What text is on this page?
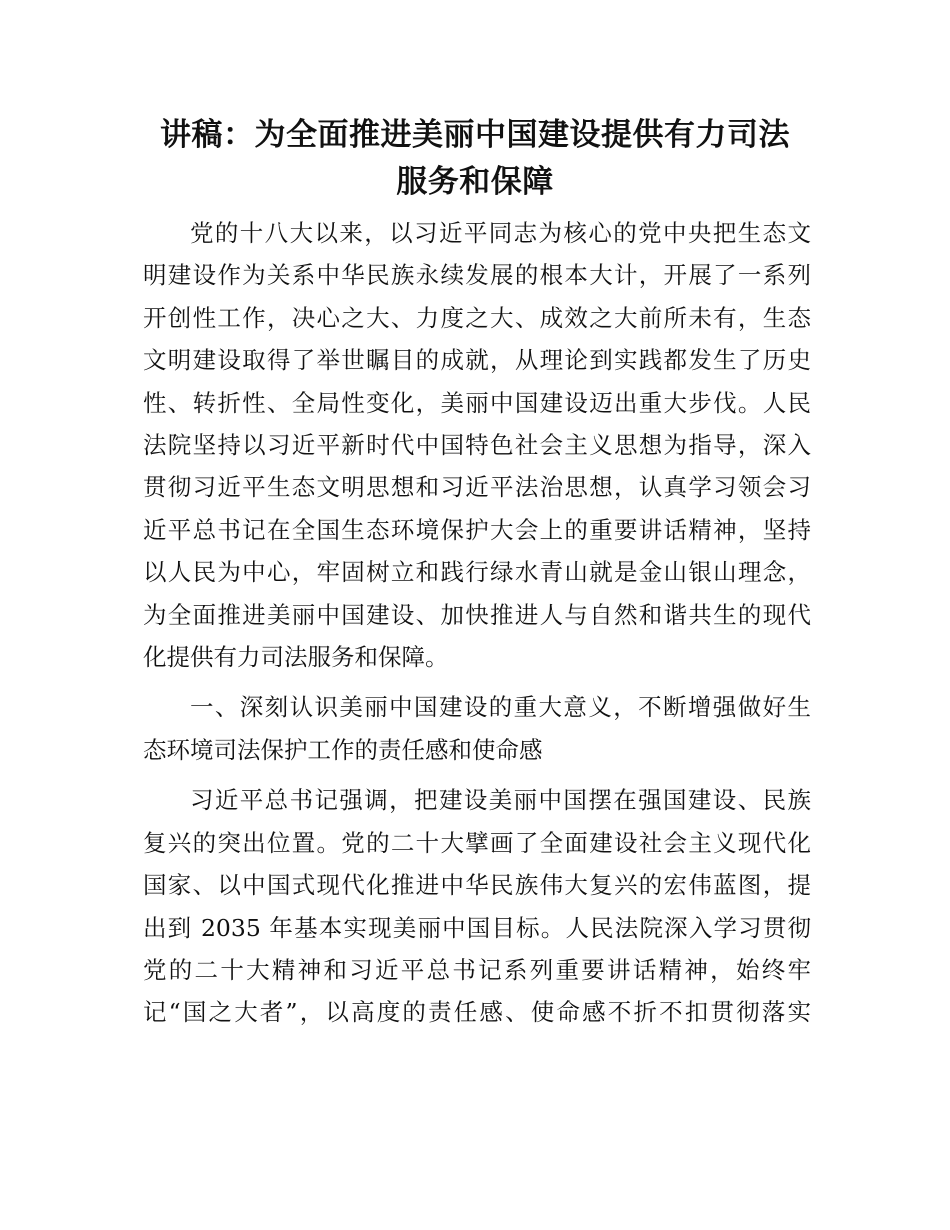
讲稿：为全面推进美丽中国建设提供有力司法
服务和保障
党的十八大以来，以习近平同志为核心的党中央把生态文
明建设作为关系中华民族永续发展的根本大计，开展了一系列
开创性工作，决心之大、力度之大、成效之大前所未有，生态
文明建设取得了举世瞩目的成就，从理论到实践都发生了历史
性、转折性、全局性变化，美丽中国建设迈出重大步伐。人民
法院坚持以习近平新时代中国特色社会主义思想为指导，深入
贯彻习近平生态文明思想和习近平法治思想，认真学习领会习
近平总书记在全国生态环境保护大会上的重要讲话精神，坚持
以人民为中心，牢固树立和践行绿水青山就是金山银山理念，
为全面推进美丽中国建设、加快推进人与自然和谐共生的现代
化提供有力司法服务和保障。
一、深刻认识美丽中国建设的重大意义，不断增强做好生
态环境司法保护工作的责任感和使命感
习近平总书记强调，把建设美丽中国摆在强国建设、民族
复兴的突出位置。党的二十大擘画了全面建设社会主义现代化
国家、以中国式现代化推进中华民族伟大复兴的宏伟蓝图，提
出到 2035 年基本实现美丽中国目标。人民法院深入学习贯彻
党的二十大精神和习近平总书记系列重要讲话精神，始终牢
记“国之大者”，以高度的责任感、使命感不折不扣贯彻落实
